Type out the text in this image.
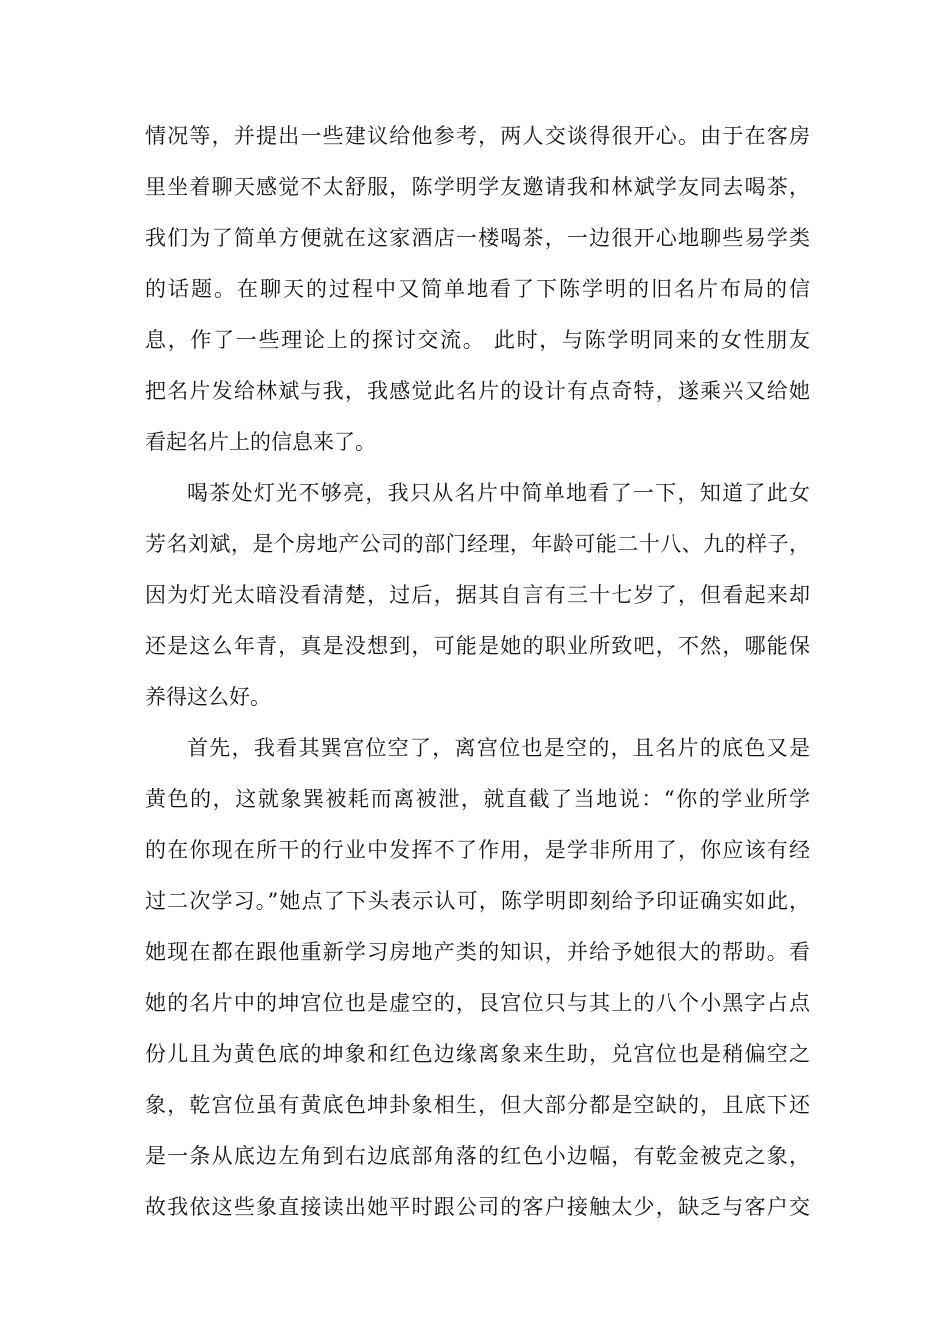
情况等，并提出一些建议给他参考，两人交谈得很开心。由于在客房
里坐着聊天感觉不太舒服，陈学明学友邀请我和林斌学友同去喝茶，
我们为了简单方便就在这家酒店一楼喝茶，一边很开心地聊些易学类
的话题。在聊天的过程中又简单地看了下陈学明的旧名片布局的信
息，作了一些理论上的探讨交流。 此时，与陈学明同来的女性朋友
把名片发给林斌与我，我感觉此名片的设计有点奇特，遂乘兴又给她
看起名片上的信息来了。
喝茶处灯光不够亮，我只从名片中简单地看了一下，知道了此女
芳名刘斌，是个房地产公司的部门经理，年龄可能二十八、九的样子，
因为灯光太暗没看清楚，过后，据其自言有三十七岁了，但看起来却
还是这么年青，真是没想到，可能是她的职业所致吧，不然，哪能保
养得这么好。
首先，我看其巽宫位空了，离宫位也是空的，且名片的底色又是
黄色的，这就象巽被耗而离被泄，就直截了当地说：“你的学业所学
的在你现在所干的行业中发挥不了作用，是学非所用了，你应该有经
过二次学习。”她点了下头表示认可，陈学明即刻给予印证确实如此，
她现在都在跟他重新学习房地产类的知识，并给予她很大的帮助。看
她的名片中的坤宫位也是虚空的，艮宫位只与其上的八个小黑字占点
份儿且为黄色底的坤象和红色边缘离象来生助，兑宫位也是稍偏空之
象，乾宫位虽有黄底色坤卦象相生，但大部分都是空缺的，且底下还
是一条从底边左角到右边底部角落的红色小边幅，有乾金被克之象，
故我依这些象直接读出她平时跟公司的客户接触太少，缺乏与客户交
